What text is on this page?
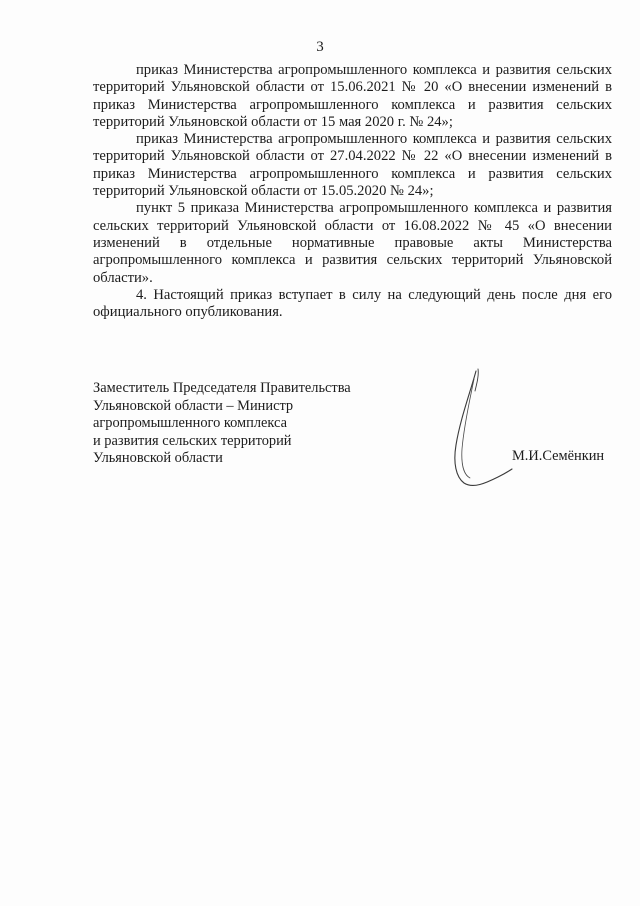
3

приказ Министерства агропромышленного комплекса и развития сельских территорий Ульяновской области от 15.06.2021 № 20 «О внесении изменений в приказ Министерства агропромышленного комплекса и развития сельских территорий Ульяновской области от 15 мая 2020 г. № 24»;

приказ Министерства агропромышленного комплекса и развития сельских территорий Ульяновской области от 27.04.2022 № 22 «О внесении изменений в приказ Министерства агропромышленного комплекса и развития сельских территорий Ульяновской области от 15.05.2020 № 24»;

пункт 5 приказа Министерства агропромышленного комплекса и развития сельских территорий Ульяновской области от 16.08.2022 № 45 «О внесении изменений в отдельные нормативные правовые акты Министерства агропромышленного комплекса и развития сельских территорий Ульяновской области».

4. Настоящий приказ вступает в силу на следующий день после дня его официального опубликования.

Заместитель Председателя Правительства
Ульяновской области – Министр
агропромышленного комплекса
и развития сельских территорий
Ульяновской области	М.И.Семёнкин
